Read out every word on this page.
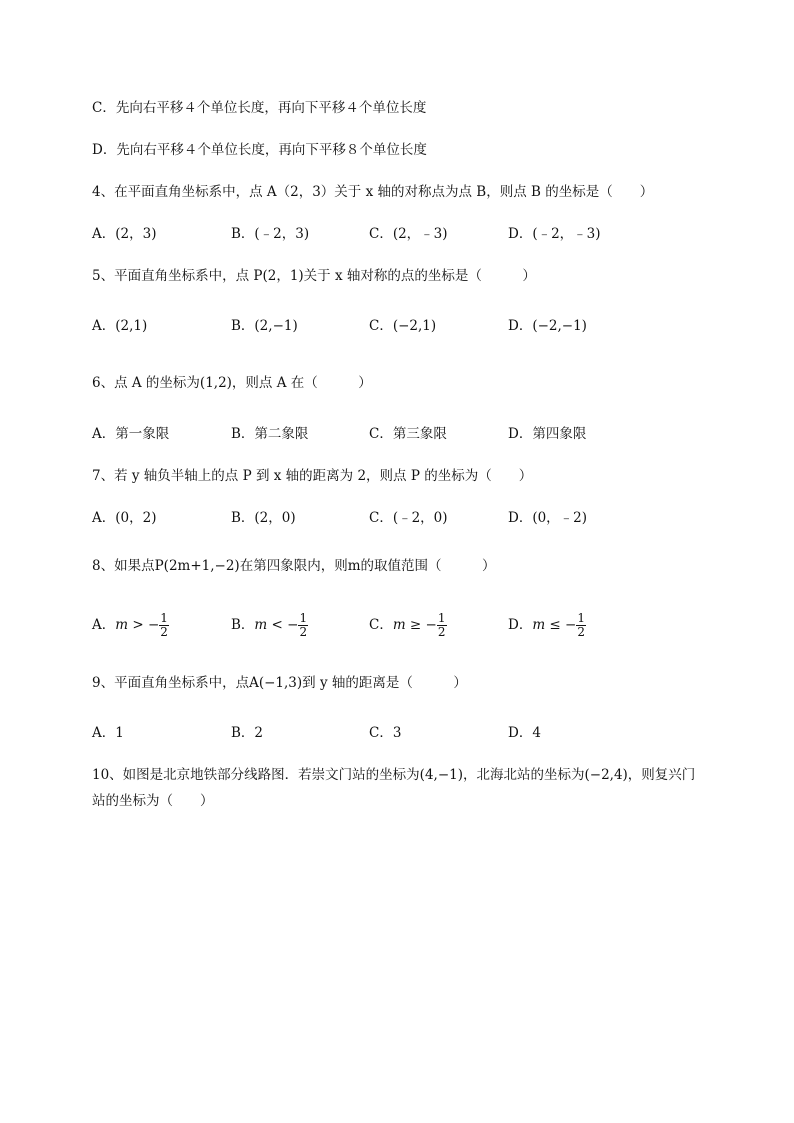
C．先向右平移４个单位长度，再向下平移４个单位长度
D．先向右平移４个单位长度，再向下平移８个单位长度
4、在平面直角坐标系中，点 A（2，3）关于 x 轴的对称点为点 B，则点 B 的坐标是（　　）
A．(2，3)	B．(﹣2，3)	C．(2，﹣3)	D．(﹣2，﹣3)
5、平面直角坐标系中，点 P(2，1)关于 x 轴对称的点的坐标是（　　　）
A．(2,1)	B．(2,−1)	C．(−2,1)	D．(−2,−1)
6、点 A 的坐标为(1,2)，则点 A 在（　　　）
A．第一象限	B．第二象限	C．第三象限	D．第四象限
7、若 y 轴负半轴上的点 P 到 x 轴的距离为 2，则点 P 的坐标为（　　）
A．(0，2)	B．(2，0)	C．(﹣2，0)	D．(0，﹣2)
8、如果点P(2m+1,−2)在第四象限内，则m的取值范围（　　　）
A．m > − $\frac{1}{2}$	B．m < − $\frac{1}{2}$	C．m ≥ − $\frac{1}{2}$	D．m ≤ − $\frac{1}{2}$
9、平面直角坐标系中，点A(−1,3)到 y 轴的距离是（　　　）
A．1	B．2	C．3	D．4
10、如图是北京地铁部分线路图．若崇文门站的坐标为(4,−1)，北海北站的坐标为(−2,4)，则复兴门
站的坐标为（　　）
